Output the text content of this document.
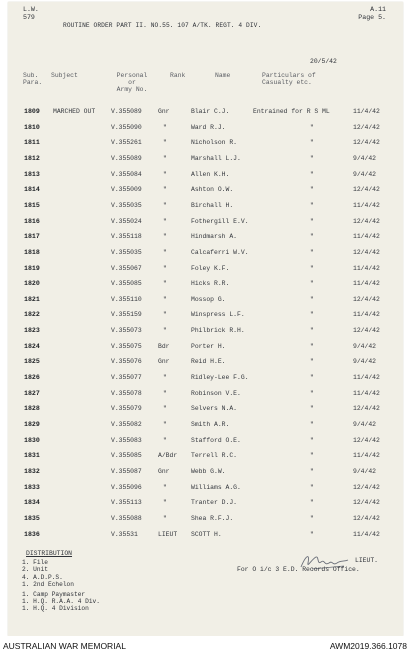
L.W.
579
A.11
Page 5.
ROUTINE ORDER PART II. NO.55. 107 A/TK. REGT. 4 DIV.
20/5/42
Sub.
Para.
Subject	Personal
or
Army No.
Rank	Name	Particulars of
Casualty etc.
1809 MARCHED OUT V.355089	Gnr	Blair C.J.	Entrained for R S ML	11/4/42
1810	V.355090	"	Ward R.J.	"	12/4/42
1811	V.355261	"	Nicholson R.	"	12/4/42
1812	V.355089	"	Marshall L.J.	"	9/4/42
1813	V.355084	"	Allen K.H.	"	9/4/42
1814	V.355009	"	Ashton O.W.	"	12/4/42
1815	V.355035	"	Birchall H.	"	11/4/42
1816	V.355024	"	Fothergill E.V.	"	12/4/42
1817	V.355118	"	Hindmarsh A.	"	11/4/42
1818	V.355035	"	Calcaferri W.V.	"	12/4/42
1819	V.355067	"	Foley K.F.	"	11/4/42
1820	V.355085	"	Hicks R.R.	"	11/4/42
1821	V.355110	"	Mossop G.	"	12/4/42
1822	V.355159	"	Winspress L.F.	"	11/4/42
1823	V.355073	"	Philbrick R.H.	"	12/4/42
1824	V.355075	Bdr	Porter H.	"	9/4/42
1825	V.355076	Gnr	Reid H.E.	"	9/4/42
1826	V.355077	"	Ridley-Lee F.G.	"	11/4/42
1827	V.355078	"	Robinson V.E.	"	11/4/42
1828	V.355079	"	Selvers N.A.	"	12/4/42
1829	V.355082	"	Smith A.R.	"	9/4/42
1830	V.355083	"	Stafford O.E.	"	12/4/42
1831	V.355085	A/Bdr Terrell R.C.	"	11/4/42
1832	V.355087	Gnr	Webb G.W.	"	9/4/42
1833	V.355096	"	Williams A.G.	"	12/4/42
1834	V.355113	"	Tranter D.J.	"	12/4/42
1835	V.355088	"	Shea R.F.J.	"	12/4/42
1836	V.35531	LIEUT SCOTT H.	"	11/4/42
DISTRIBUTION
1. File
2. Unit
4. A.D.P.S.
1. 2nd Echelon
1. Camp Paymaster
1. H.Q. R.A.A. 4 Div.
1. H.Q. 4 Division
LIEUT.
For O i/c 3 E.D. Records Office.
AUSTRALIAN WAR MEMORIAL	AWM2019.366.1078
